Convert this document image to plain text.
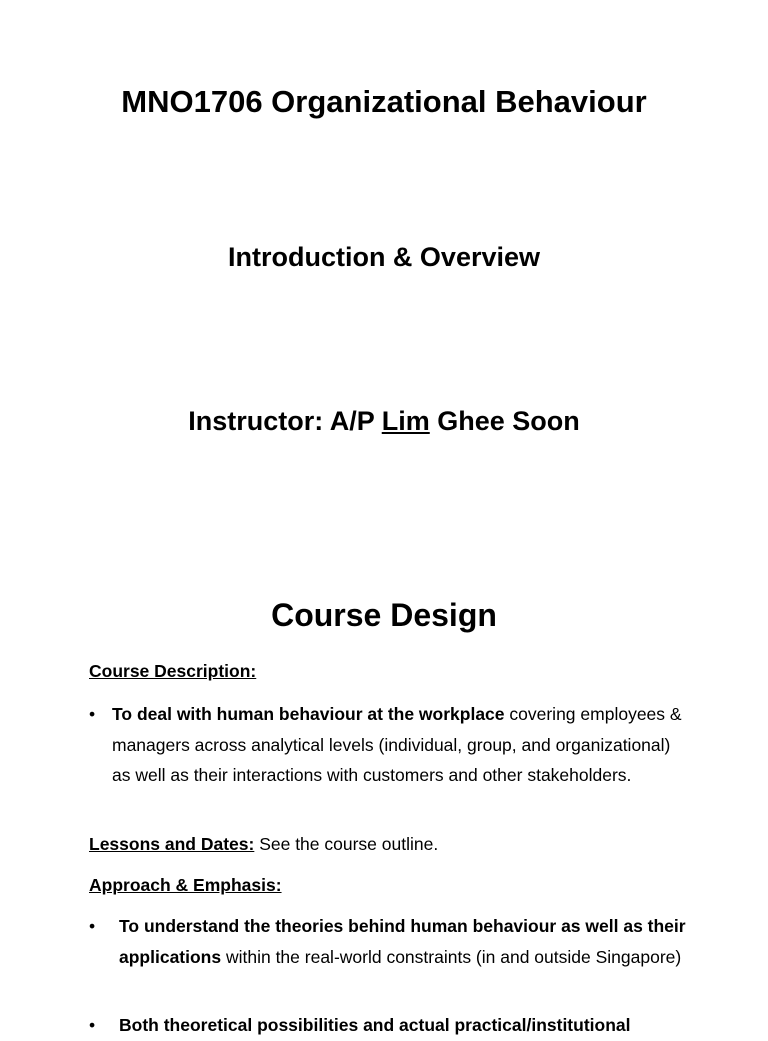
MNO1706 Organizational Behaviour
Introduction & Overview
Instructor: A/P Lim Ghee Soon
Course Design
Course Description:
• To deal with human behaviour at the workplace covering employees & managers across analytical levels (individual, group, and organizational) as well as their interactions with customers and other stakeholders.
Lessons and Dates: See the course outline.
Approach & Emphasis:
• To understand the theories behind human behaviour as well as their applications within the real-world constraints (in and outside Singapore)
• Both theoretical possibilities and actual practical/institutional
